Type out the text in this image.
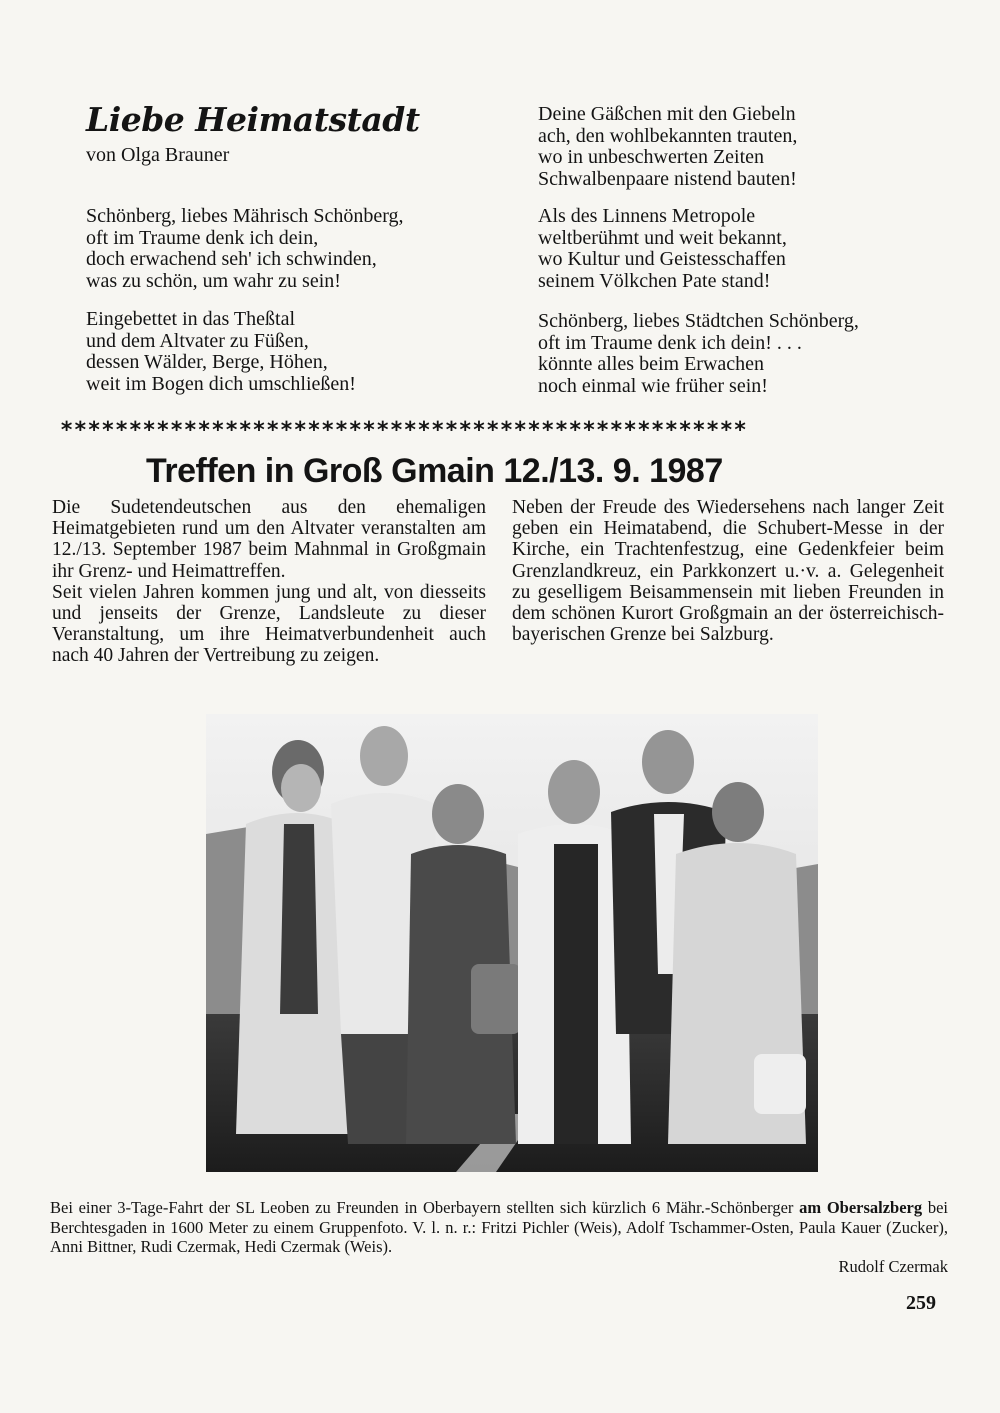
Liebe Heimatstadt
von Olga Brauner
Schönberg, liebes Mährisch Schönberg,
oft im Traume denk ich dein,
doch erwachend seh' ich schwinden,
was zu schön, um wahr zu sein!
Eingebettet in das Theßtal
und dem Altvater zu Füßen,
dessen Wälder, Berge, Höhen,
weit im Bogen dich umschließen!
Deine Gäßchen mit den Giebeln
ach, den wohlbekannten trauten,
wo in unbeschwerten Zeiten
Schwalbenpaare nistend bauten!
Als des Linnens Metropole
weltberühmt und weit bekannt,
wo Kultur und Geistesschaffen
seinem Völkchen Pate stand!
Schönberg, liebes Städtchen Schönberg,
oft im Traume denk ich dein! . . .
könnte alles beim Erwachen
noch einmal wie früher sein!
**************************************************
Treffen in Groß Gmain 12./13. 9. 1987

Die Sudetendeutschen aus den ehemaligen Heimatgebieten rund um den Altvater veranstalten am 12./13. September 1987 beim Mahnmal in Großgmain ihr Grenz- und Heimattreffen.

Seit vielen Jahren kommen jung und alt, von diesseits und jenseits der Grenze, Landsleute zu dieser Veranstaltung, um ihre Heimatverbundenheit auch nach 40 Jahren der Vertreibung zu zeigen.

Neben der Freude des Wiedersehens nach langer Zeit geben ein Heimatabend, die Schubert-Messe in der Kirche, ein Trachtenfestzug, eine Gedenkfeier beim Grenzlandkreuz, ein Parkkonzert u.·v. a. Gelegenheit zu geselligem Beisammensein mit lieben Freunden in dem schönen Kurort Großgmain an der österreichisch-bayerischen Grenze bei Salzburg.

Bei einer 3-Tage-Fahrt der SL Leoben zu Freunden in Oberbayern stellten sich kürzlich 6 Mähr.-Schönberger am Obersalzberg bei Berchtesgaden in 1600 Meter zu einem Gruppenfoto. V. l. n. r.: Fritzi Pichler (Weis), Adolf Tschammer-Osten, Paula Kauer (Zucker), Anni Bittner, Rudi Czermak, Hedi Czermak (Weis).
Rudolf Czermak
259
